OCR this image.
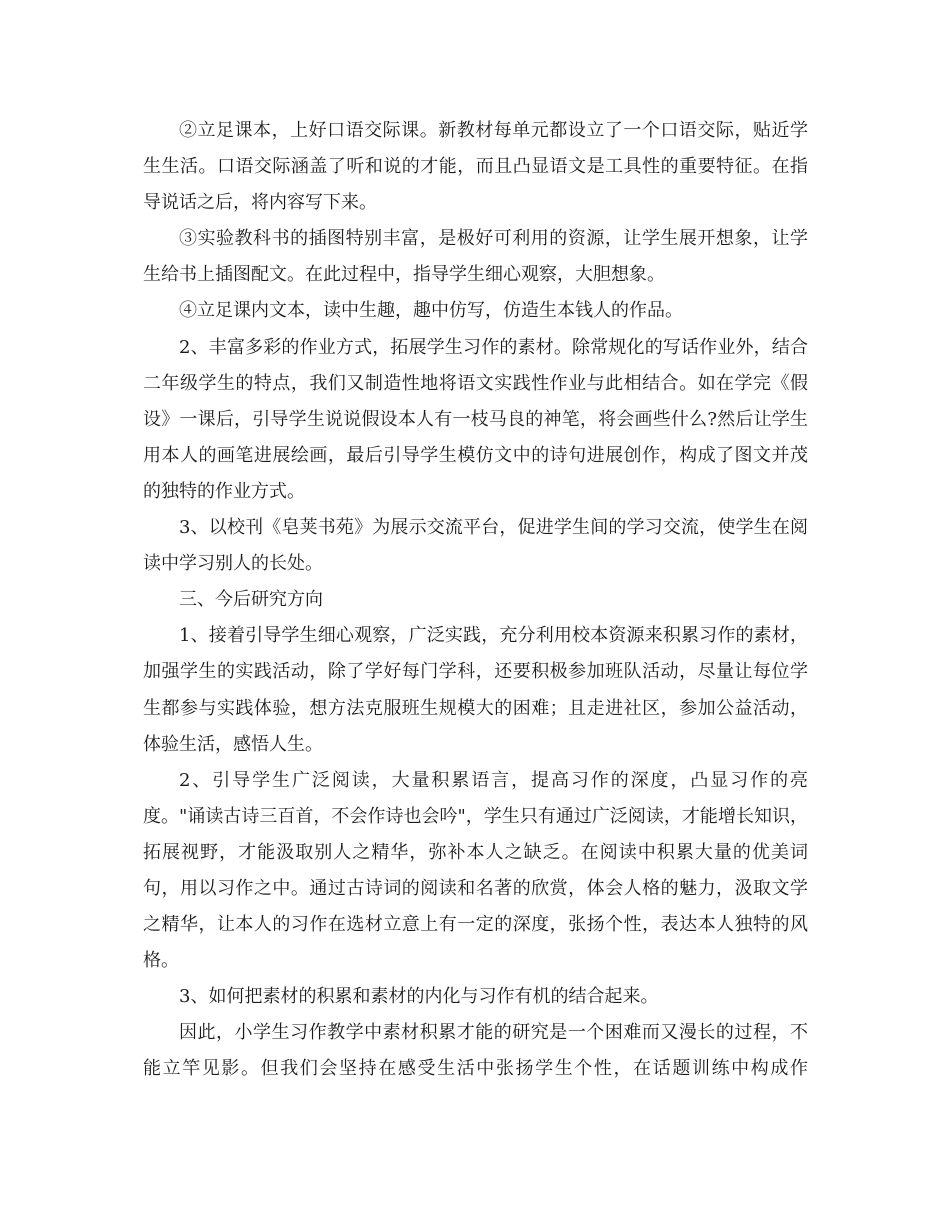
②立足课本，上好口语交际课。新教材每单元都设立了一个口语交际，贴近学生生活。口语交际涵盖了听和说的才能，而且凸显语文是工具性的重要特征。在指导说话之后，将内容写下来。

③实验教科书的插图特别丰富，是极好可利用的资源，让学生展开想象，让学生给书上插图配文。在此过程中，指导学生细心观察，大胆想象。

④立足课内文本，读中生趣，趣中仿写，仿造生本钱人的作品。

2、丰富多彩的作业方式，拓展学生习作的素材。除常规化的写话作业外，结合二年级学生的特点，我们又制造性地将语文实践性作业与此相结合。如在学完《假设》一课后，引导学生说说假设本人有一枝马良的神笔，将会画些什么?然后让学生用本人的画笔进展绘画，最后引导学生模仿文中的诗句进展创作，构成了图文并茂的独特的作业方式。

3、以校刊《皂荚书苑》为展示交流平台，促进学生间的学习交流，使学生在阅读中学习别人的长处。

三、今后研究方向

1、接着引导学生细心观察，广泛实践，充分利用校本资源来积累习作的素材，加强学生的实践活动，除了学好每门学科，还要积极参加班队活动，尽量让每位学生都参与实践体验，想方法克服班生规模大的困难；且走进社区，参加公益活动，体验生活，感悟人生。

2、引导学生广泛阅读，大量积累语言，提高习作的深度，凸显习作的亮度。"诵读古诗三百首，不会作诗也会吟"，学生只有通过广泛阅读，才能增长知识，拓展视野，才能汲取别人之精华，弥补本人之缺乏。在阅读中积累大量的优美词句，用以习作之中。通过古诗词的阅读和名著的欣赏，体会人格的魅力，汲取文学之精华，让本人的习作在选材立意上有一定的深度，张扬个性，表达本人独特的风格。

3、如何把素材的积累和素材的内化与习作有机的结合起来。

因此，小学生习作教学中素材积累才能的研究是一个困难而又漫长的过程，不能立竿见影。但我们会坚持在感受生活中张扬学生个性，在话题训练中构成作
